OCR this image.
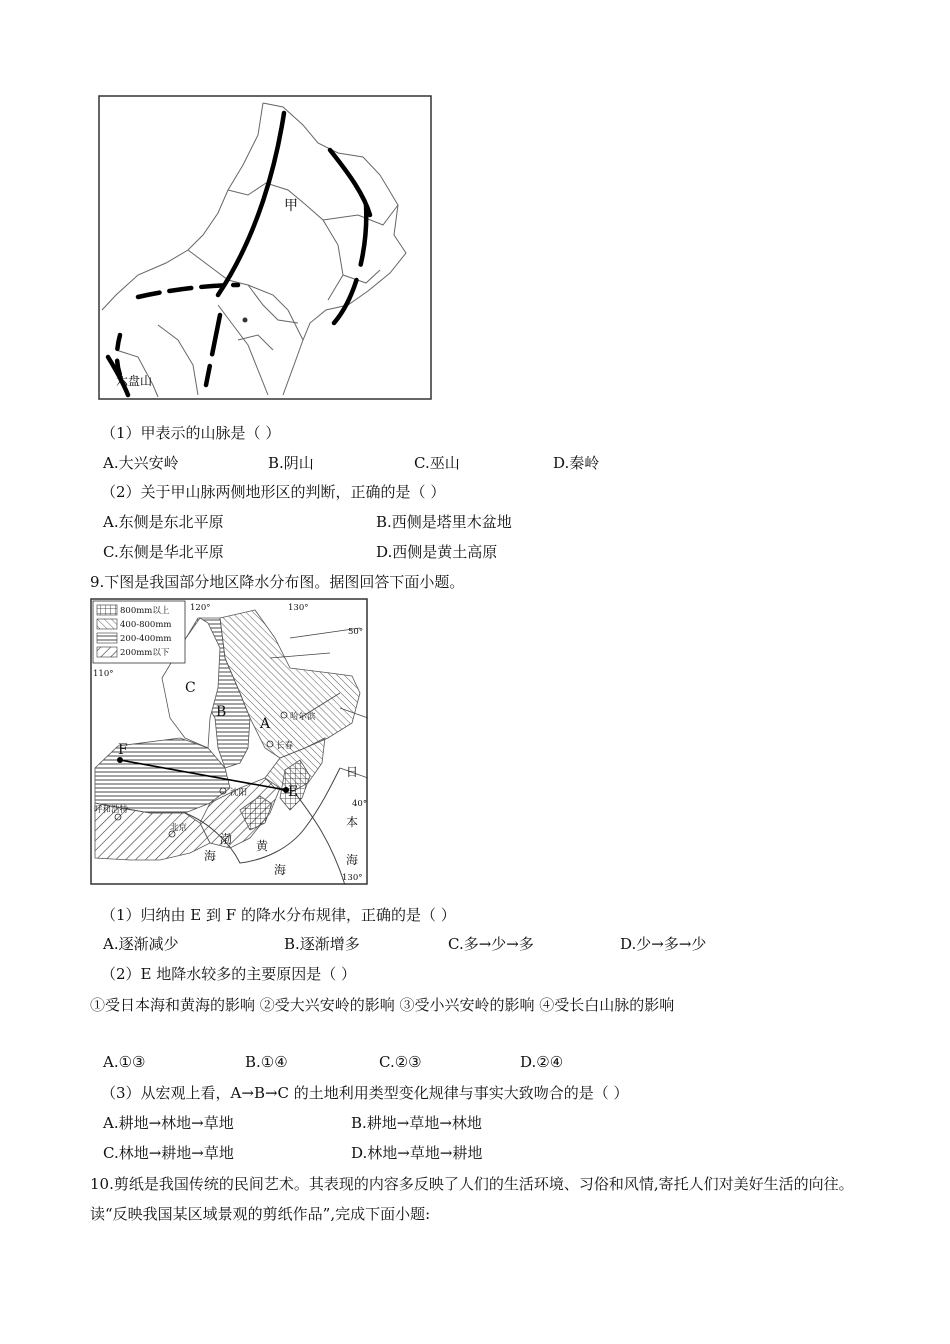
甲
六盘山
（1）甲表示的山脉是（ ）
A.大兴安岭	B.阴山	C.巫山	D.秦岭
（2）关于甲山脉两侧地形区的判断，正确的是（ ）
A.东侧是东北平原	B.西侧是塔里木盆地
C.东侧是华北平原	D.西侧是黄土高原
9.下图是我国部分地区降水分布图。据图回答下面小题。
800mm以上
400-800mm
200-400mm
200mm以下
120°	130°
110°
50°
40°
130°
哈尔滨
长春
沈阳
呼和浩特
北京
C
B
A
F
E
渤
海
黄
海
日
本
海
（1）归纳由 E 到 F 的降水分布规律，正确的是（ ）
A.逐渐减少	B.逐渐增多	C.多→少→多	D.少→多→少
（2）E 地降水较多的主要原因是（ ）
①受日本海和黄海的影响 ②受大兴安岭的影响 ③受小兴安岭的影响 ④受长白山脉的影响
A.①③	B.①④	C.②③	D.②④
（3）从宏观上看，A→B→C 的土地利用类型变化规律与事实大致吻合的是（ ）
A.耕地→林地→草地	B.耕地→草地→林地
C.林地→耕地→草地	D.林地→草地→耕地
10.剪纸是我国传统的民间艺术。其表现的内容多反映了人们的生活环境、习俗和风情,寄托人们对美好生活的向往。读“反映我国某区域景观的剪纸作品”,完成下面小题:
